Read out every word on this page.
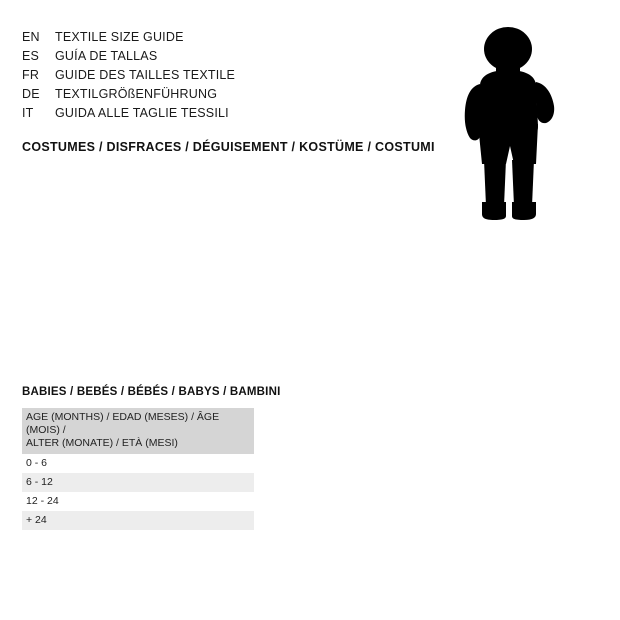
EN	TEXTILE SIZE GUIDE
ES	GUÍA DE TALLAS
FR	GUIDE DES TAILLES TEXTILE
DE	TEXTILGRÖßENFÜHRUNG
IT	GUIDA ALLE TAGLIE TESSILI
COSTUMES / DISFRACES / DÉGUISEMENT / KOSTÜME / COSTUMI
BABIES / BEBÉS / BÉBÉS / BABYS / BAMBINI
AGE (MONTHS) / EDAD (MESES) / ÂGE (MOIS) /
ALTER (MONATE) / ETÀ (MESI)
0 - 6
6 - 12
12 - 24
+ 24
